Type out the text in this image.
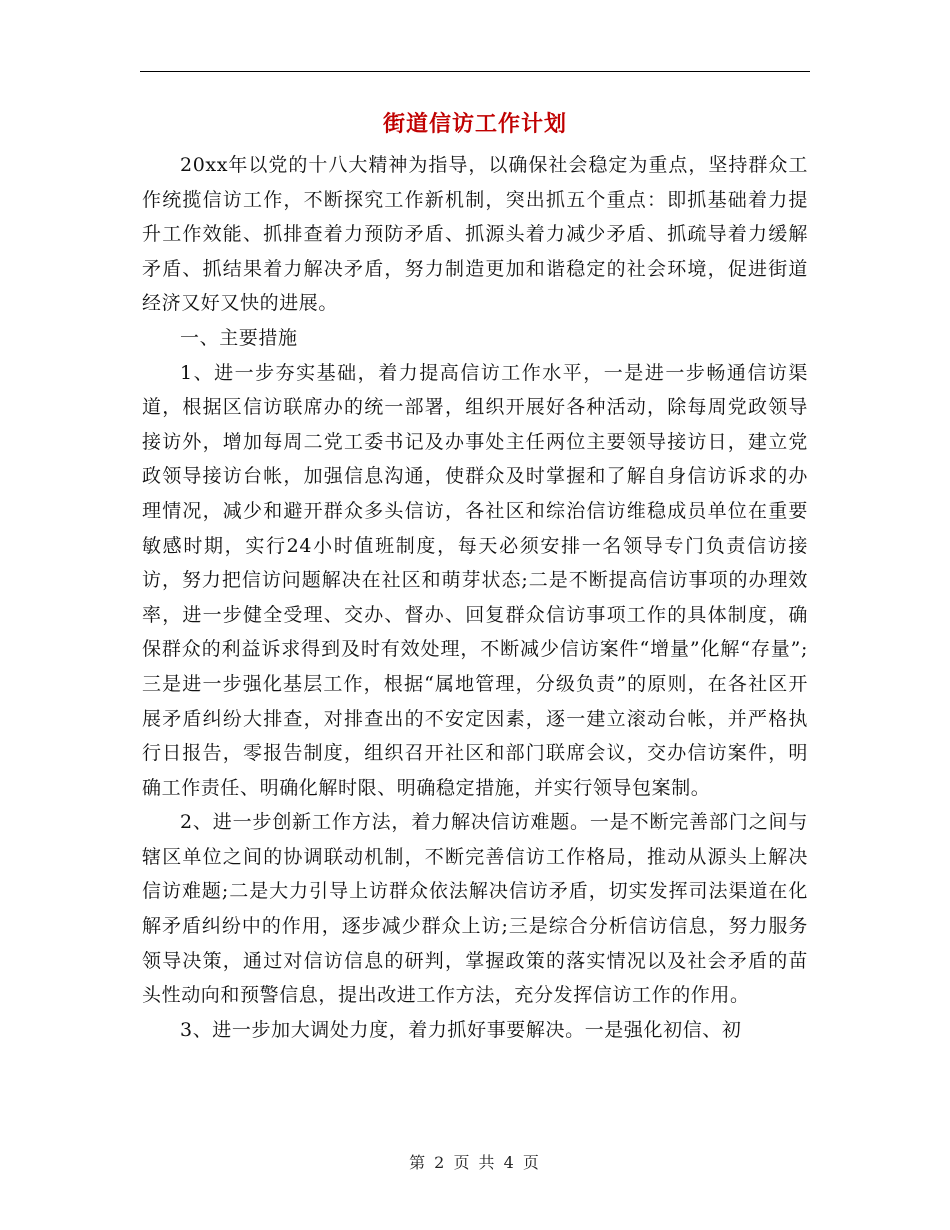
街道信访工作计划

20xx年以党的十八大精神为指导，以确保社会稳定为重点，坚持群众工作统揽信访工作，不断探究工作新机制，突出抓五个重点：即抓基础着力提升工作效能、抓排查着力预防矛盾、抓源头着力减少矛盾、抓疏导着力缓解矛盾、抓结果着力解决矛盾，努力制造更加和谐稳定的社会环境，促进街道经济又好又快的进展。

一、主要措施

1、进一步夯实基础，着力提高信访工作水平，一是进一步畅通信访渠道，根据区信访联席办的统一部署，组织开展好各种活动，除每周党政领导接访外，增加每周二党工委书记及办事处主任两位主要领导接访日，建立党政领导接访台帐，加强信息沟通，使群众及时掌握和了解自身信访诉求的办理情况，减少和避开群众多头信访，各社区和综治信访维稳成员单位在重要敏感时期，实行24小时值班制度，每天必须安排一名领导专门负责信访接访，努力把信访问题解决在社区和萌芽状态;二是不断提高信访事项的办理效率，进一步健全受理、交办、督办、回复群众信访事项工作的具体制度，确保群众的利益诉求得到及时有效处理，不断减少信访案件“增量”化解“存量”;三是进一步强化基层工作，根据“属地管理，分级负责”的原则，在各社区开展矛盾纠纷大排查，对排查出的不安定因素，逐一建立滚动台帐，并严格执行日报告，零报告制度，组织召开社区和部门联席会议，交办信访案件，明确工作责任、明确化解时限、明确稳定措施，并实行领导包案制。

2、进一步创新工作方法，着力解决信访难题。一是不断完善部门之间与辖区单位之间的协调联动机制，不断完善信访工作格局，推动从源头上解决信访难题;二是大力引导上访群众依法解决信访矛盾，切实发挥司法渠道在化解矛盾纠纷中的作用，逐步减少群众上访;三是综合分析信访信息，努力服务领导决策，通过对信访信息的研判，掌握政策的落实情况以及社会矛盾的苗头性动向和预警信息，提出改进工作方法，充分发挥信访工作的作用。

3、进一步加大调处力度，着力抓好事要解决。一是强化初信、初

第 2 页 共 4 页
